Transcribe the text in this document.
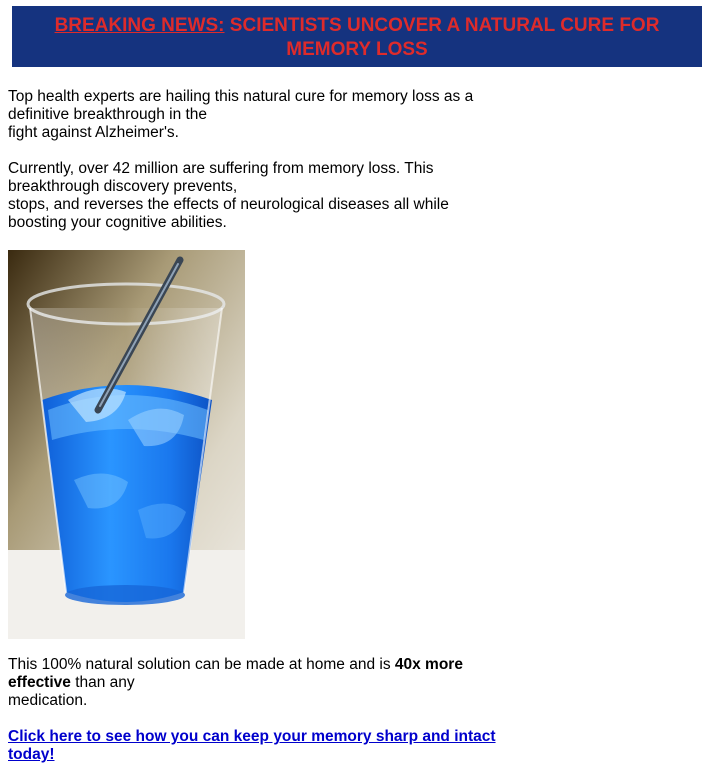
BREAKING NEWS: SCIENTISTS UNCOVER A NATURAL CURE FOR MEMORY LOSS

Top health experts are hailing this natural cure for memory loss as a definitive breakthrough in the
fight against Alzheimer's.

Currently, over 42 million are suffering from memory loss. This breakthrough discovery prevents,
stops, and reverses the effects of neurological diseases all while boosting your cognitive abilities.

This 100% natural solution can be made at home and is 40x more effective than any
medication.

Click here to see how you can keep your memory sharp and intact today!
